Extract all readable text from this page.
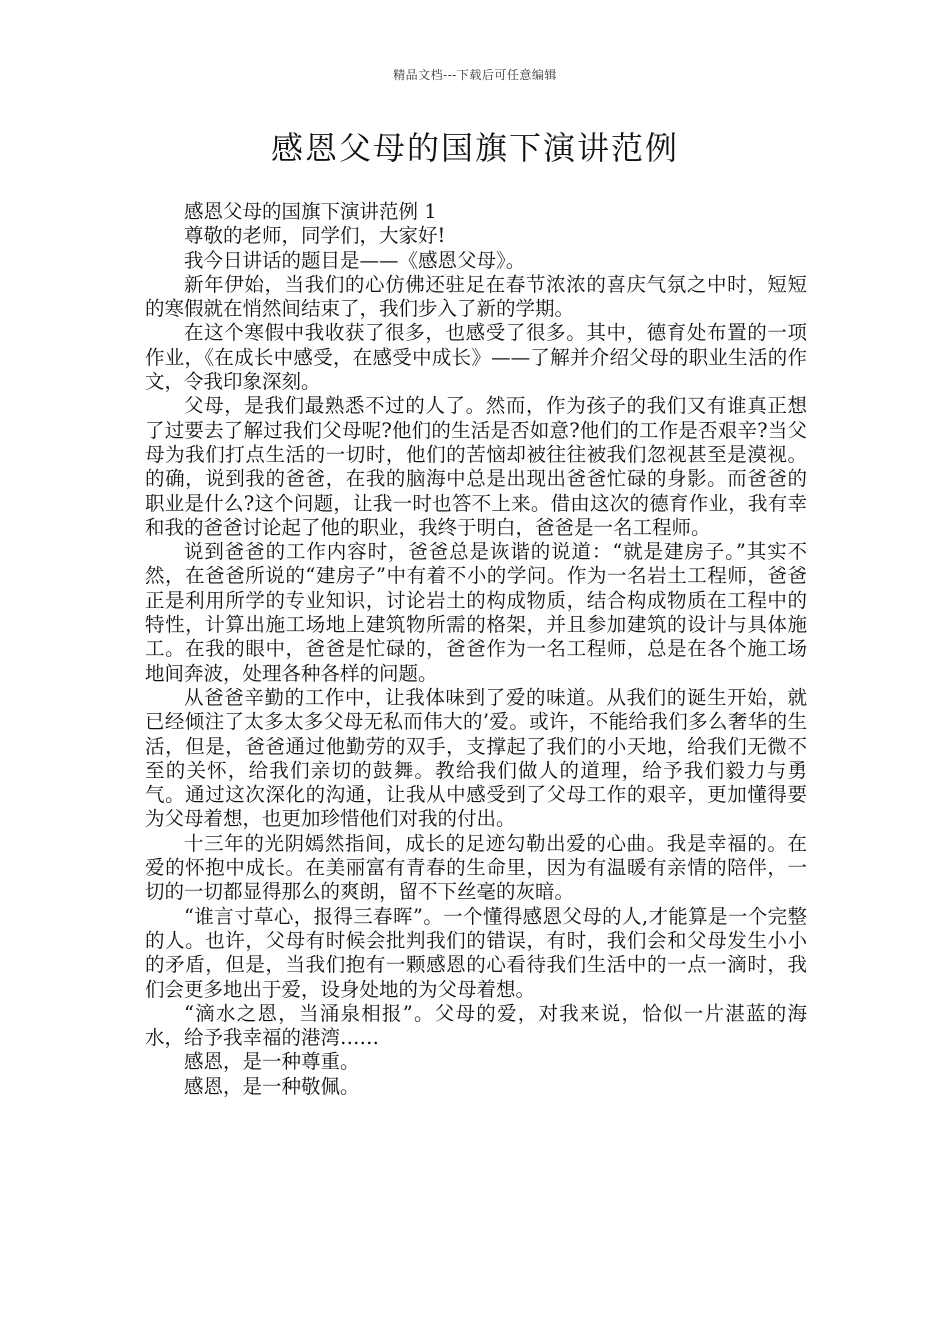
精品文档---下载后可任意编辑
感恩父母的国旗下演讲范例

感恩父母的国旗下演讲范例 1

尊敬的老师，同学们，大家好!

我今日讲话的题目是——《感恩父母》。

新年伊始，当我们的心仿佛还驻足在春节浓浓的喜庆气氛之中时，短短的寒假就在悄然间结束了，我们步入了新的学期。

在这个寒假中我收获了很多，也感受了很多。其中，德育处布置的一项作业，《在成长中感受，在感受中成长》——了解并介绍父母的职业生活的作文，令我印象深刻。

父母，是我们最熟悉不过的人了。然而，作为孩子的我们又有谁真正想了过要去了解过我们父母呢?他们的生活是否如意?他们的工作是否艰辛?当父母为我们打点生活的一切时，他们的苦恼却被往往被我们忽视甚至是漠视。的确，说到我的爸爸，在我的脑海中总是出现出爸爸忙碌的身影。而爸爸的职业是什么?这个问题，让我一时也答不上来。借由这次的德育作业，我有幸和我的爸爸讨论起了他的职业，我终于明白，爸爸是一名工程师。

说到爸爸的工作内容时，爸爸总是诙谐的说道：“就是建房子。”其实不然，在爸爸所说的“建房子”中有着不小的学问。作为一名岩土工程师，爸爸正是利用所学的专业知识，讨论岩土的构成物质，结合构成物质在工程中的特性，计算出施工场地上建筑物所需的格架，并且参加建筑的设计与具体施工。在我的眼中，爸爸是忙碌的，爸爸作为一名工程师，总是在各个施工场地间奔波，处理各种各样的问题。

从爸爸辛勤的工作中，让我体味到了爱的味道。从我们的诞生开始，就已经倾注了太多太多父母无私而伟大的’爱。或许，不能给我们多么奢华的生活，但是，爸爸通过他勤劳的双手，支撑起了我们的小天地，给我们无微不至的关怀，给我们亲切的鼓舞。教给我们做人的道理，给予我们毅力与勇气。通过这次深化的沟通，让我从中感受到了父母工作的艰辛，更加懂得要为父母着想，也更加珍惜他们对我的付出。

十三年的光阴嫣然指间，成长的足迹勾勒出爱的心曲。我是幸福的。在爱的怀抱中成长。在美丽富有青春的生命里，因为有温暖有亲情的陪伴，一切的一切都显得那么的爽朗，留不下丝毫的灰暗。

“谁言寸草心，报得三春晖”。一个懂得感恩父母的人,才能算是一个完整的人。也许，父母有时候会批判我们的错误，有时，我们会和父母发生小小的矛盾，但是，当我们抱有一颗感恩的心看待我们生活中的一点一滴时，我们会更多地出于爱，设身处地的为父母着想。

“滴水之恩，当涌泉相报”。父母的爱，对我来说，恰似一片湛蓝的海水，给予我幸福的港湾……

感恩，是一种尊重。

感恩，是一种敬佩。
